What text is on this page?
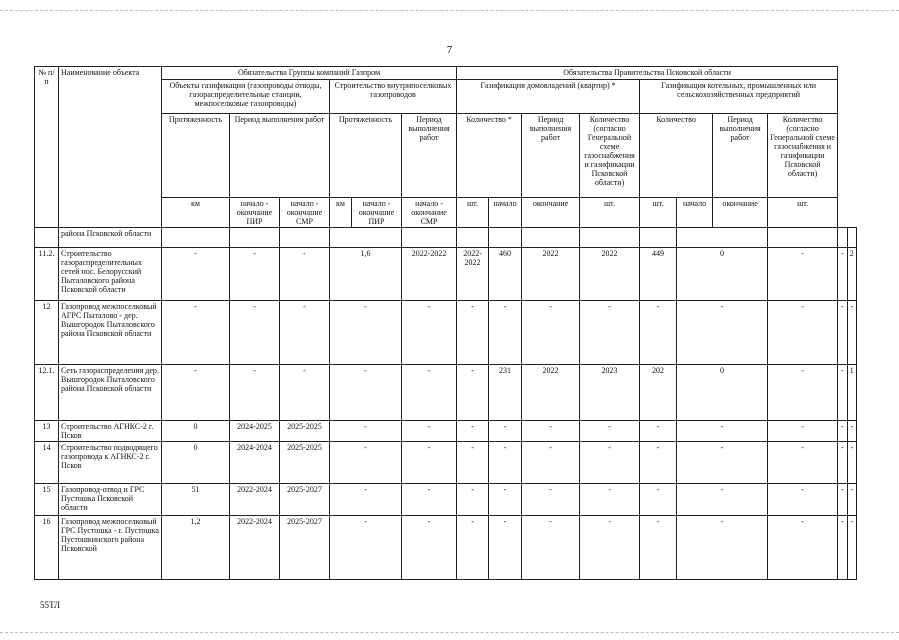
7
№ п/п	Наименование объекта	Обязательства Группы компаний Газпром						Обязательства Правительства Псковской области									
		Объекты газификации (газопроводы отводы, газораспределительные станции, межпоселковые газопроводы)			Строительство внутрипоселковых газопроводов			Газификация домовладений (квартир) *				Газификация котельных, промышленных или сельскохозяйственных предприятий					
		Протяженность	Период выполнения работ		Протяженность		Период выполнения работ	Количество *		Период выполнения работ	Количество (согласно Генеральной схеме газоснабжения и газификации Псковской области)	Количество		Период выполнения работ	Количество (согласно Генеральной схеме газоснабжения и газификации Псковской области)		
		км	начало - окончание ПИР	начало - окончание СМР	км	начало - окончание ПИР	начало - окончание СМР	шт.	начало	окончание	шт.	шт.	начало	окончание	шт.		
	района Псковской области																
11.2.	Строительство газораспределительных сетей пос. Белорусский Пыталовского района Псковской области	-	-	-	1,6		2022-2022	2022-2022	460	2022	2022	449	0		-	-	2
12	Газопровод межпоселковый АГРС Пыталово - дер. Вышгородок Пыталовского района Псковской области	-	-	-	-		-	-	-	-	-	-	-		-	-	-
12.1.	Сеть газораспределения дер. Вышгородок Пыталовского района Псковской области	-	-	-	-		-	-	231	2022	2023	202	0		-	-	1
13	Строительство АГНКС-2 г. Псков	0	2024-2025	2025-2025	-		-	-	-	-	-	-	-		-	-	-
14	Строительство подводящего газопровода к АГНКС-2 г. Псков	0	2024-2024	2025-2025	-		-	-	-	-	-	-	-		-	-	-
15	Газопровод-отвод и ГРС Пустошка Псковской области	51	2022-2024	2025-2027	-		-	-	-	-	-	-	-		-	-	-
16	Газопровод межпоселковый ГРС Пустошка - г. Пустошка Пустошкинского района Псковской	1,2	2022-2024	2025-2027	-		-	-	-	-	-	-	-		-	-	-
55ТЛ
